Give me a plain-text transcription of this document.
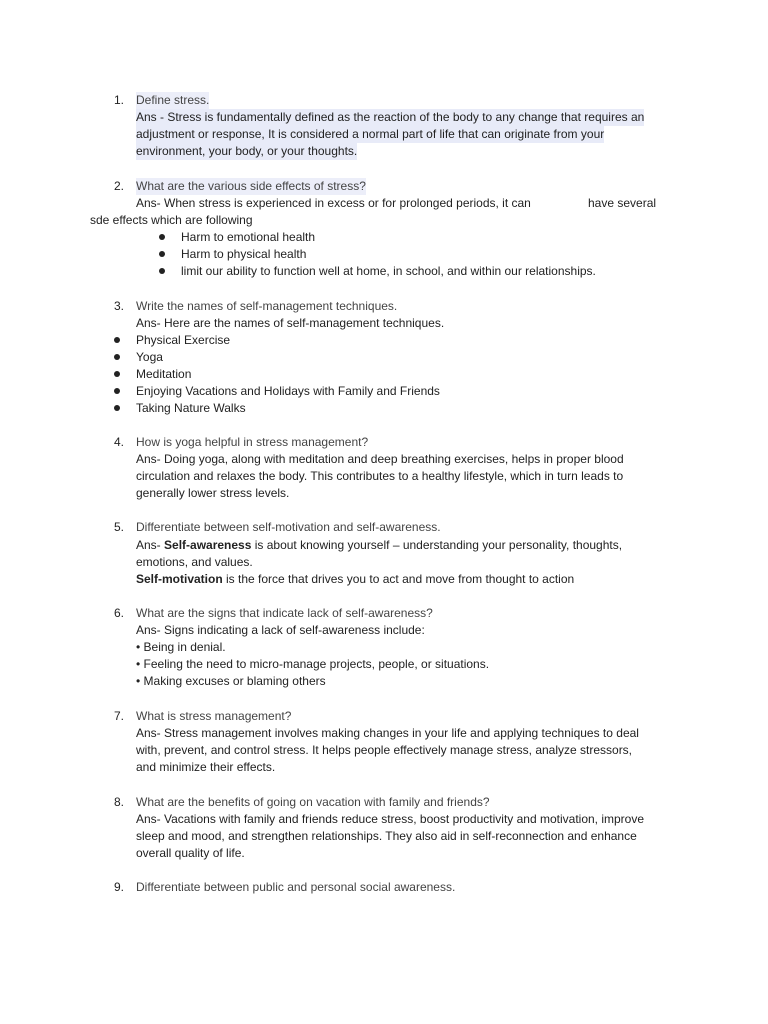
1. Define stress.
Ans - Stress is fundamentally defined as the reaction of the body to any change that requires an
adjustment or response, It is considered a normal part of life that can originate from your
environment, your body, or your thoughts.
2. What are the various side effects of stress?
Ans- When stress is experienced in excess or for prolonged periods, it can	have several
sde effects which are following
Harm to emotional health
Harm to physical health
limit our ability to function well at home, in school, and within our relationships.
3. Write the names of self-management techniques.
Ans- Here are the names of self-management techniques.
Physical Exercise
Yoga
Meditation
Enjoying Vacations and Holidays with Family and Friends
Taking Nature Walks
4. How is yoga helpful in stress management?
Ans- Doing yoga, along with meditation and deep breathing exercises, helps in proper blood
circulation and relaxes the body. This contributes to a healthy lifestyle, which in turn leads to
generally lower stress levels.
5. Differentiate between self-motivation and self-awareness.
Ans- Self-awareness is about knowing yourself – understanding your personality, thoughts,
emotions, and values.
Self-motivation is the force that drives you to act and move from thought to action
6. What are the signs that indicate lack of self-awareness?
Ans- Signs indicating a lack of self-awareness include:
• Being in denial.
• Feeling the need to micro-manage projects, people, or situations.
• Making excuses or blaming others
7. What is stress management?
Ans- Stress management involves making changes in your life and applying techniques to deal
with, prevent, and control stress. It helps people effectively manage stress, analyze stressors,
and minimize their effects.
8. What are the benefits of going on vacation with family and friends?
Ans- Vacations with family and friends reduce stress, boost productivity and motivation, improve
sleep and mood, and strengthen relationships. They also aid in self-reconnection and enhance
overall quality of life.
9. Differentiate between public and personal social awareness.
